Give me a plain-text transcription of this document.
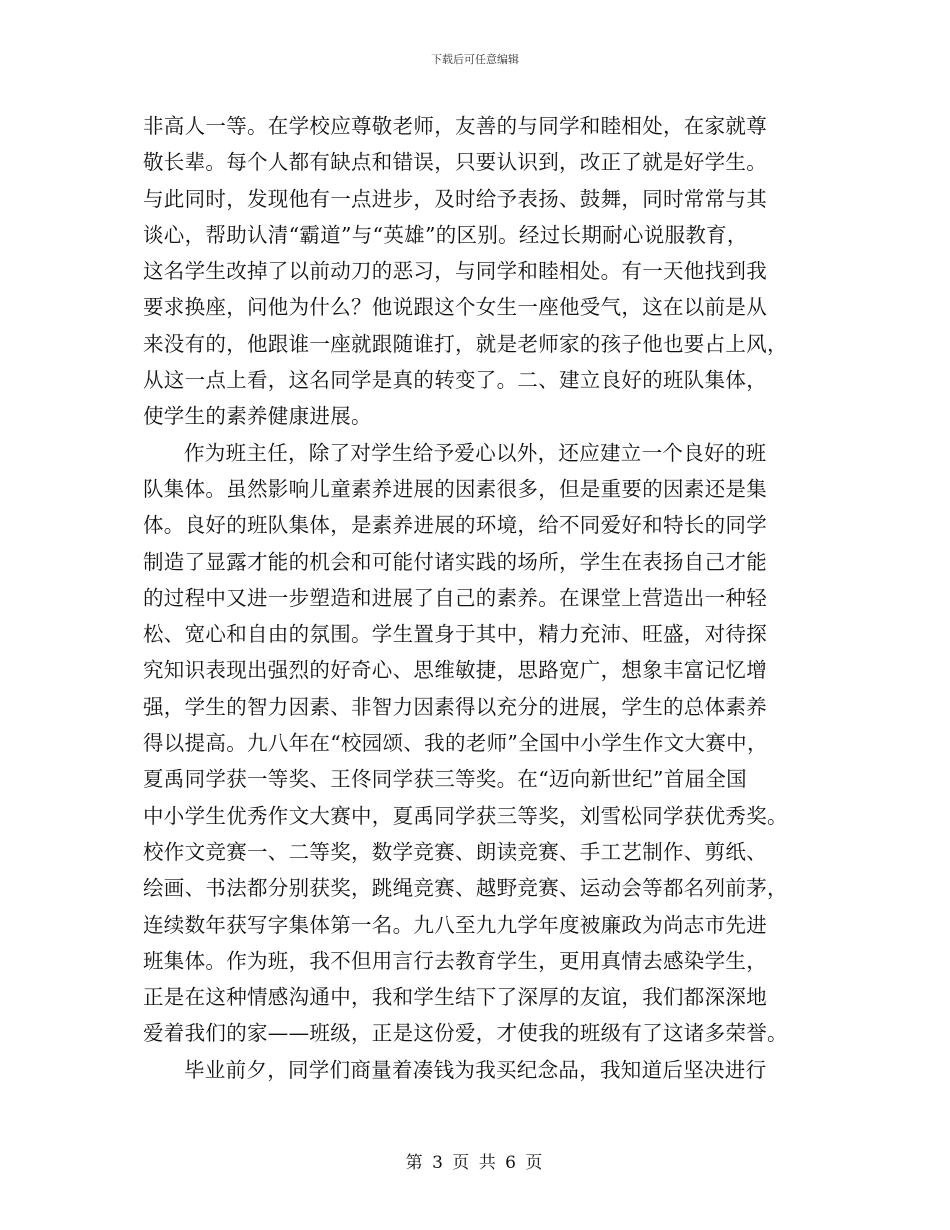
下载后可任意编辑
非高人一等。在学校应尊敬老师，友善的与同学和睦相处，在家就尊
敬长辈。每个人都有缺点和错误，只要认识到，改正了就是好学生。
与此同时，发现他有一点进步，及时给予表扬、鼓舞，同时常常与其
谈心，帮助认清“霸道”与“英雄”的区别。经过长期耐心说服教育，
这名学生改掉了以前动刀的恶习，与同学和睦相处。有一天他找到我
要求换座，问他为什么？他说跟这个女生一座他受气，这在以前是从
来没有的，他跟谁一座就跟随谁打，就是老师家的孩子他也要占上风，
从这一点上看，这名同学是真的转变了。二、建立良好的班队集体，
使学生的素养健康进展。
作为班主任，除了对学生给予爱心以外，还应建立一个良好的班
队集体。虽然影响儿童素养进展的因素很多，但是重要的因素还是集
体。良好的班队集体，是素养进展的环境，给不同爱好和特长的同学
制造了显露才能的机会和可能付诸实践的场所，学生在表扬自己才能
的过程中又进一步塑造和进展了自己的素养。在课堂上营造出一种轻
松、宽心和自由的氛围。学生置身于其中，精力充沛、旺盛，对待探
究知识表现出强烈的好奇心、思维敏捷，思路宽广，想象丰富记忆增
强，学生的智力因素、非智力因素得以充分的进展，学生的总体素养
得以提高。九八年在“校园颂、我的老师”全国中小学生作文大赛中，
夏禹同学获一等奖、王佟同学获三等奖。在“迈向新世纪”首届全国
中小学生优秀作文大赛中，夏禹同学获三等奖，刘雪松同学获优秀奖。
校作文竞赛一、二等奖，数学竞赛、朗读竞赛、手工艺制作、剪纸、
绘画、书法都分别获奖，跳绳竞赛、越野竞赛、运动会等都名列前茅，
连续数年获写字集体第一名。九八至九九学年度被廉政为尚志市先进
班集体。作为班，我不但用言行去教育学生，更用真情去感染学生，
正是在这种情感沟通中，我和学生结下了深厚的友谊，我们都深深地
爱着我们的家——班级，正是这份爱，才使我的班级有了这诸多荣誉。
毕业前夕，同学们商量着凑钱为我买纪念品，我知道后坚决进行
第 3 页 共 6 页
